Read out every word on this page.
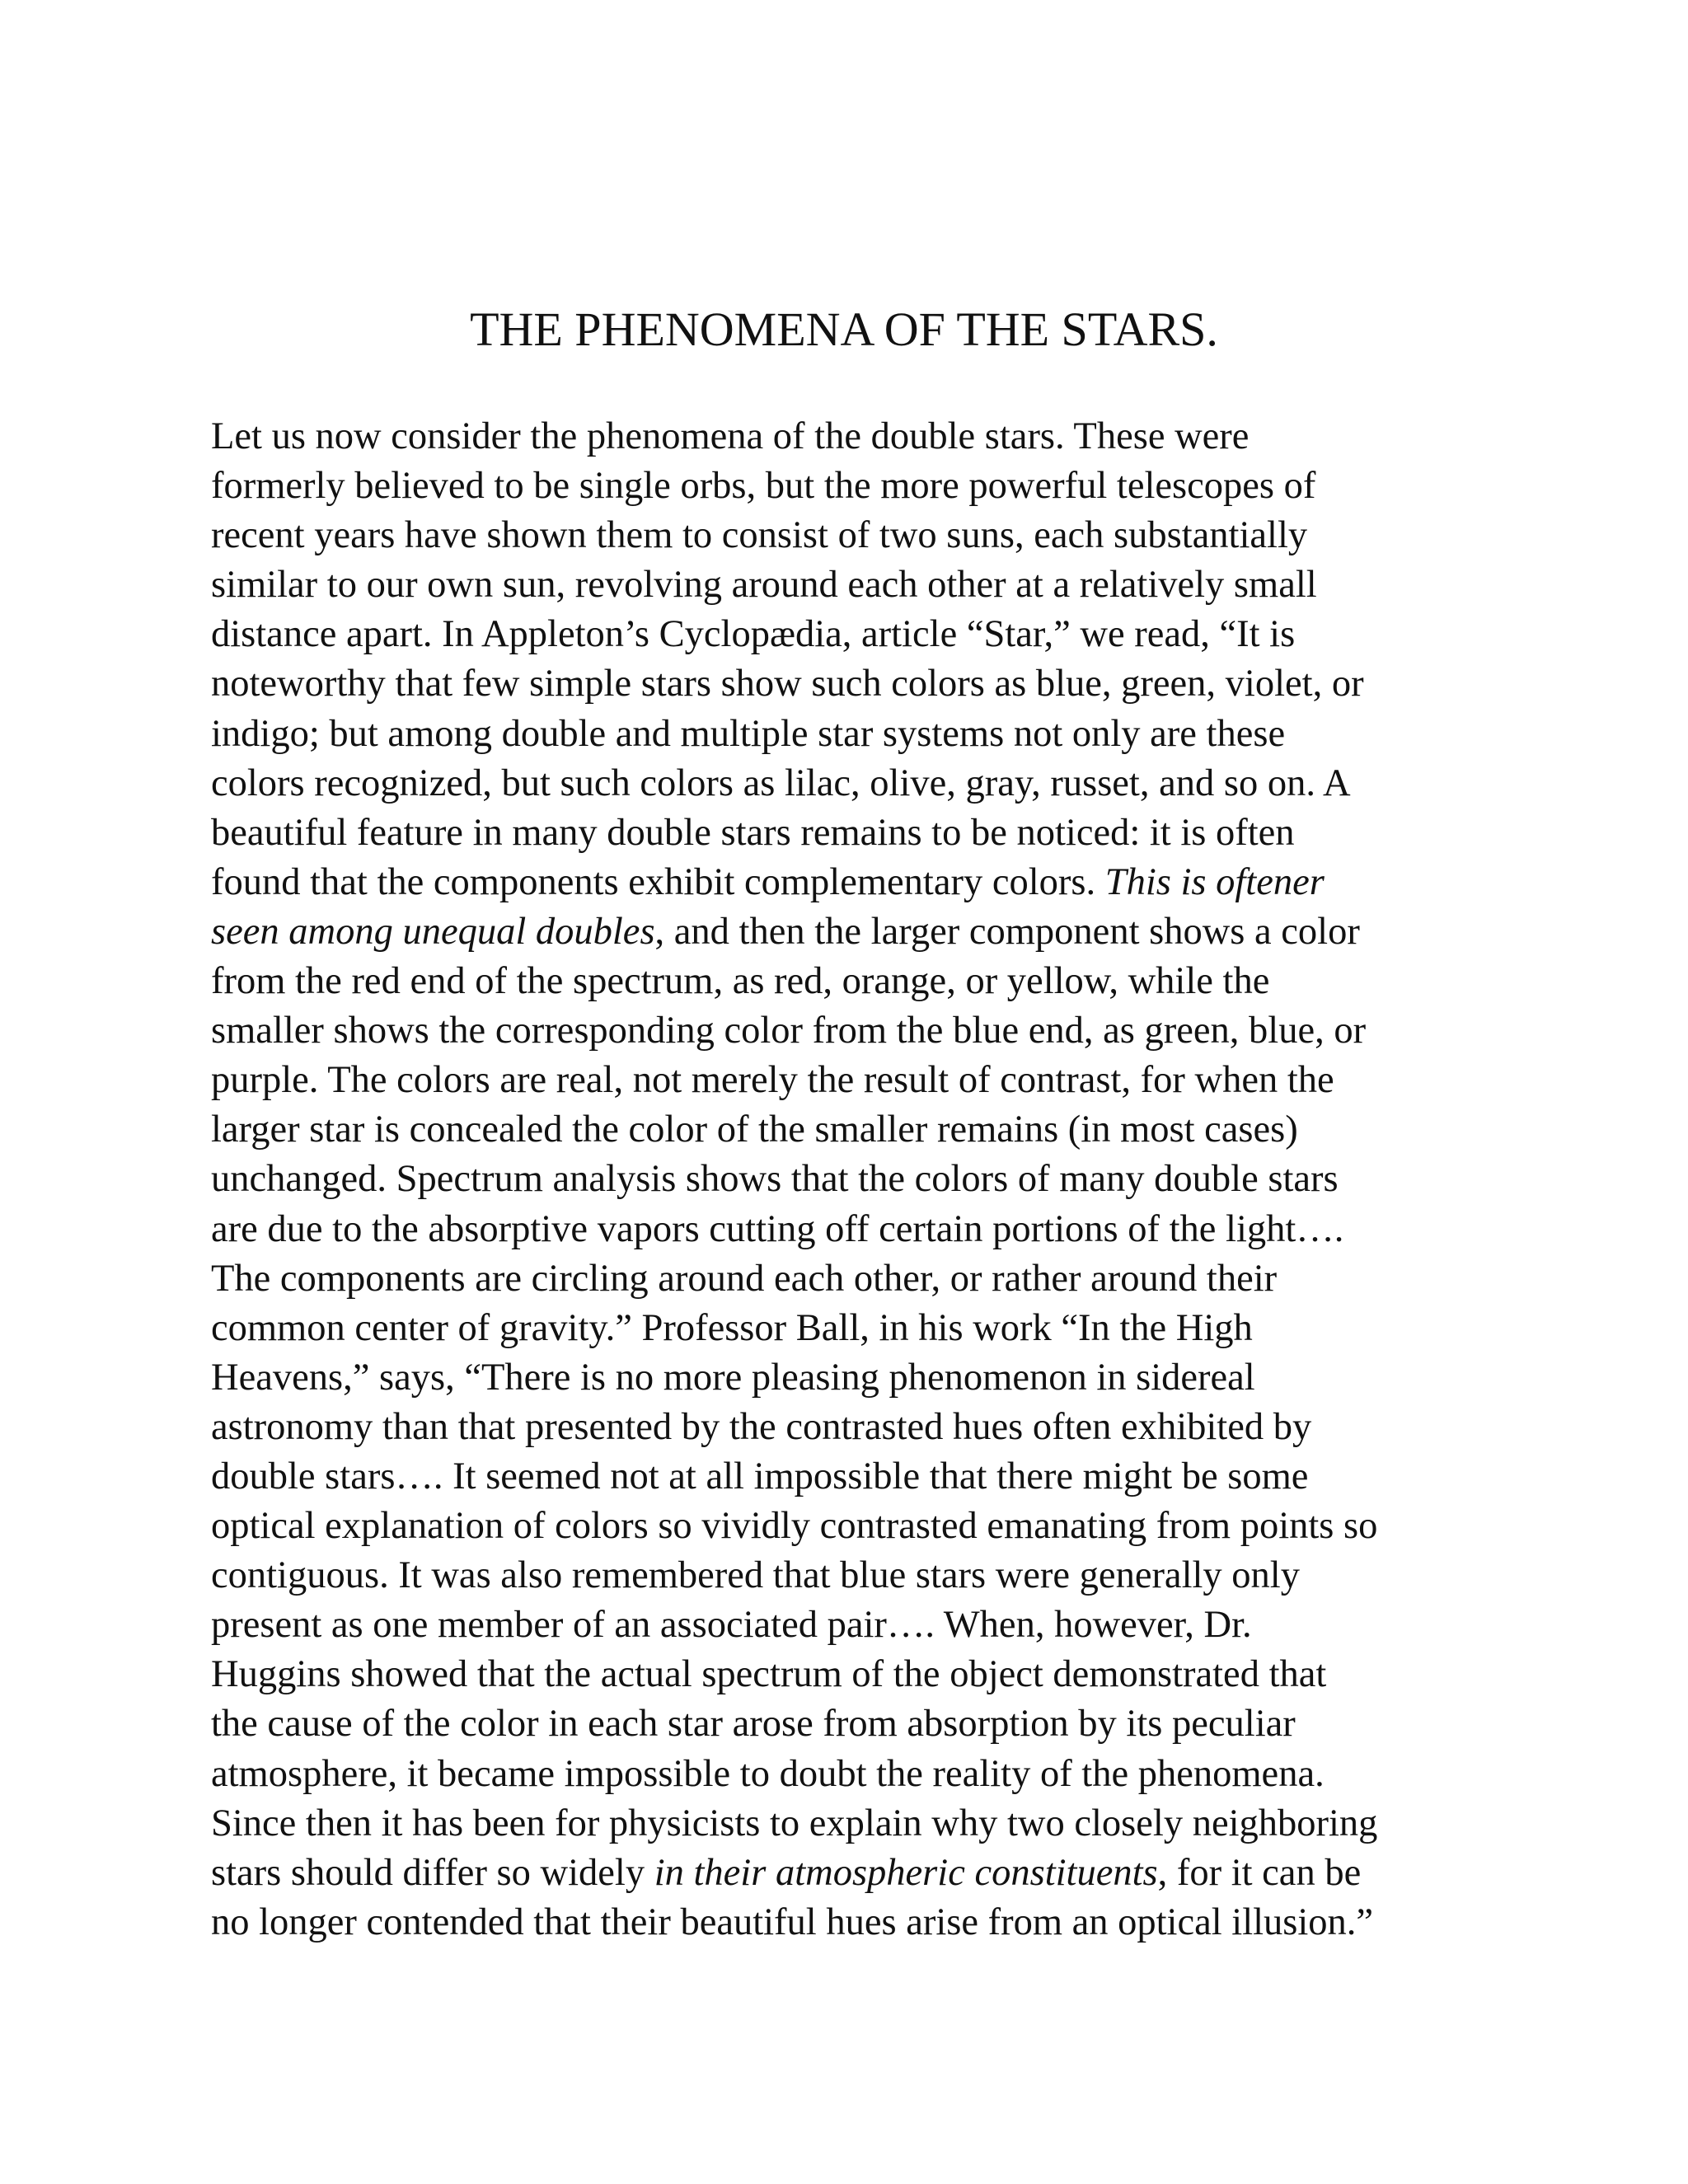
THE PHENOMENA OF THE STARS.
Let us now consider the phenomena of the double stars. These were
formerly believed to be single orbs, but the more powerful telescopes of
recent years have shown them to consist of two suns, each substantially
similar to our own sun, revolving around each other at a relatively small
distance apart. In Appleton’s Cyclopædia, article “Star,” we read, “It is
noteworthy that few simple stars show such colors as blue, green, violet, or
indigo; but among double and multiple star systems not only are these
colors recognized, but such colors as lilac, olive, gray, russet, and so on. A
beautiful feature in many double stars remains to be noticed: it is often
found that the components exhibit complementary colors. This is oftener
seen among unequal doubles, and then the larger component shows a color
from the red end of the spectrum, as red, orange, or yellow, while the
smaller shows the corresponding color from the blue end, as green, blue, or
purple. The colors are real, not merely the result of contrast, for when the
larger star is concealed the color of the smaller remains (in most cases)
unchanged. Spectrum analysis shows that the colors of many double stars
are due to the absorptive vapors cutting off certain portions of the light….
The components are circling around each other, or rather around their
common center of gravity.” Professor Ball, in his work “In the High
Heavens,” says, “There is no more pleasing phenomenon in sidereal
astronomy than that presented by the contrasted hues often exhibited by
double stars…. It seemed not at all impossible that there might be some
optical explanation of colors so vividly contrasted emanating from points so
contiguous. It was also remembered that blue stars were generally only
present as one member of an associated pair…. When, however, Dr.
Huggins showed that the actual spectrum of the object demonstrated that
the cause of the color in each star arose from absorption by its peculiar
atmosphere, it became impossible to doubt the reality of the phenomena.
Since then it has been for physicists to explain why two closely neighboring
stars should differ so widely in their atmospheric constituents, for it can be
no longer contended that their beautiful hues arise from an optical illusion.”
